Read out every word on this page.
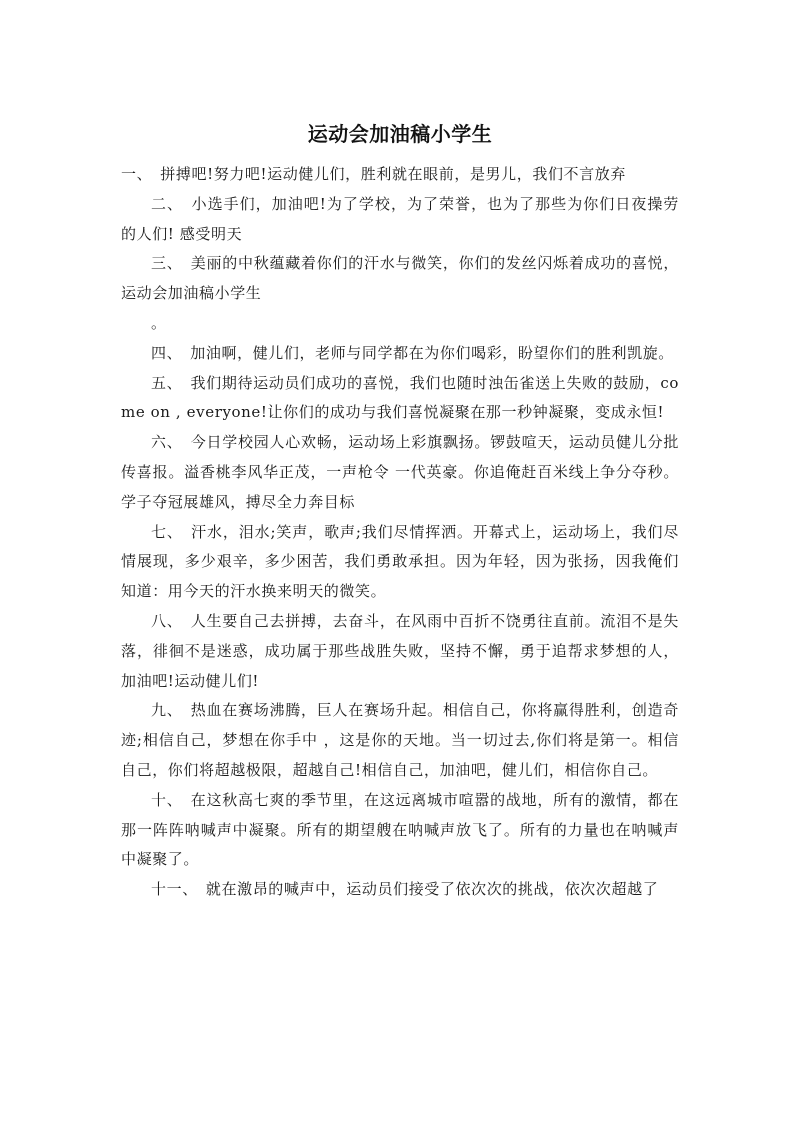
运动会加油稿小学生

一、　拼搏吧!努力吧!运动健儿们，胜利就在眼前，是男儿，我们不言放弃

二、　小选手们，加油吧!为了学校，为了荣誉，也为了那些为你们日夜操劳的人们! 感受明天

三、　美丽的中秋蕴藏着你们的汗水与微笑，你们的发丝闪烁着成功的喜悦，运动会加油稿小学生

。

四、　加油啊，健儿们，老师与同学都在为你们喝彩，盼望你们的胜利凯旋。

五、　我们期待运动员们成功的喜悦，我们也随时浊缶雀送上失败的鼓励，come on , everyone!让你们的成功与我们喜悦凝聚在那一秒钟凝聚，变成永恒!

六、　今日学校园人心欢畅，运动场上彩旗飘扬。锣鼓喧天，运动员健儿分批传喜报。溢香桃李风华正茂，一声枪令 一代英豪。你追俺赶百米线上争分夺秒。学子夺冠展雄风，搏尽全力奔目标

七、　汗水，泪水;笑声，歌声;我们尽情挥洒。开幕式上，运动场上，我们尽情展现，多少艰辛，多少困苦，我们勇敢承担。因为年轻，因为张扬，因我俺们知道：用今天的汗水换来明天的微笑。

八、　人生要自己去拼搏，去奋斗，在风雨中百折不饶勇往直前。流泪不是失落，徘徊不是迷惑，成功属于那些战胜失败，坚持不懈，勇于追帮求梦想的人，加油吧!运动健儿们!

九、　热血在赛场沸腾，巨人在赛场升起。相信自己，你将赢得胜利，创造奇迹;相信自己，梦想在你手中 ，这是你的天地。当一切过去,你们将是第一。相信自己，你们将超越极限，超越自己!相信自己，加油吧，健儿们，相信你自己。

十、　在这秋高七爽的季节里，在这远离城市喧嚣的战地，所有的激情，都在那一阵阵呐喊声中凝聚。所有的期望艘在呐喊声放飞了。所有的力量也在呐喊声中凝聚了。

十一、　就在激昂的喊声中，运动员们接受了依次次的挑战，依次次超越了
